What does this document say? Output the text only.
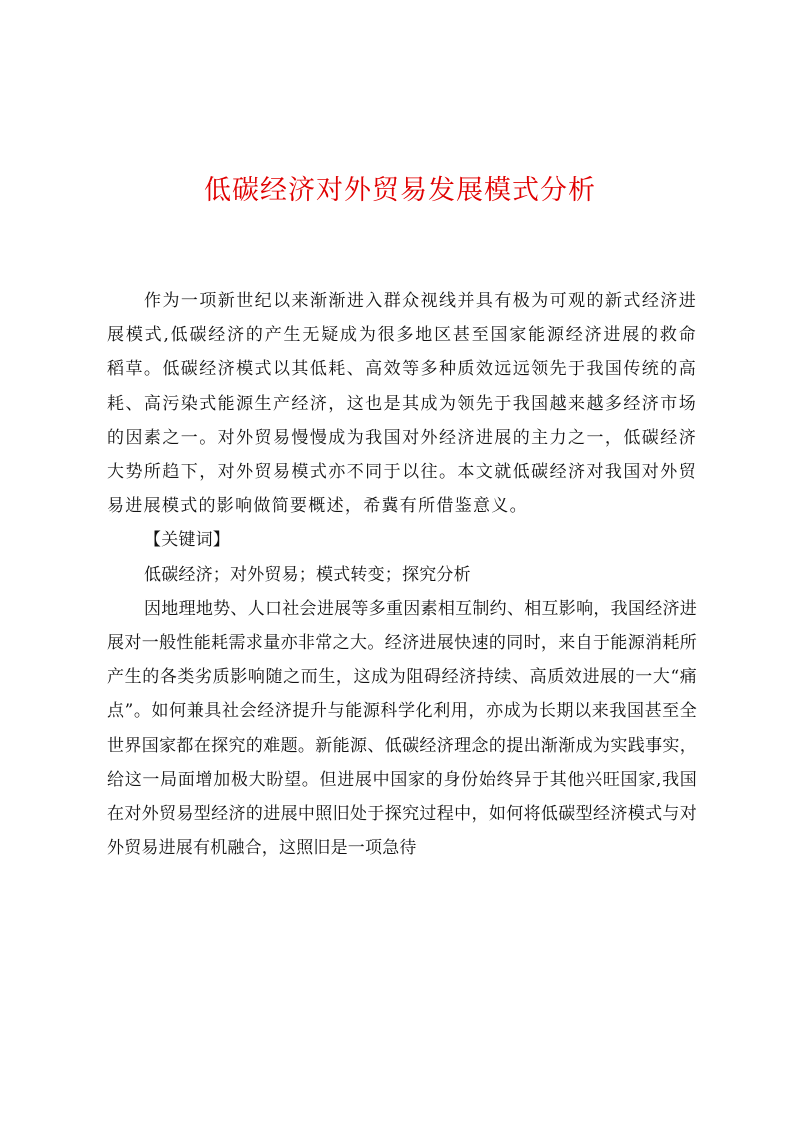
低碳经济对外贸易发展模式分析

作为一项新世纪以来渐渐进入群众视线并具有极为可观的新式经济进展模式,低碳经济的产生无疑成为很多地区甚至国家能源经济进展的救命稻草。低碳经济模式以其低耗、高效等多种质效远远领先于我国传统的高耗、高污染式能源生产经济，这也是其成为领先于我国越来越多经济市场的因素之一。对外贸易慢慢成为我国对外经济进展的主力之一，低碳经济大势所趋下，对外贸易模式亦不同于以往。本文就低碳经济对我国对外贸易进展模式的影响做简要概述，希冀有所借鉴意义。

【关键词】

低碳经济；对外贸易；模式转变；探究分析

因地理地势、人口社会进展等多重因素相互制约、相互影响，我国经济进展对一般性能耗需求量亦非常之大。经济进展快速的同时，来自于能源消耗所产生的各类劣质影响随之而生，这成为阻碍经济持续、高质效进展的一大“痛点”。如何兼具社会经济提升与能源科学化利用，亦成为长期以来我国甚至全世界国家都在探究的难题。新能源、低碳经济理念的提出渐渐成为实践事实，给这一局面增加极大盼望。但进展中国家的身份始终异于其他兴旺国家,我国在对外贸易型经济的进展中照旧处于探究过程中，如何将低碳型经济模式与对外贸易进展有机融合，这照旧是一项急待
